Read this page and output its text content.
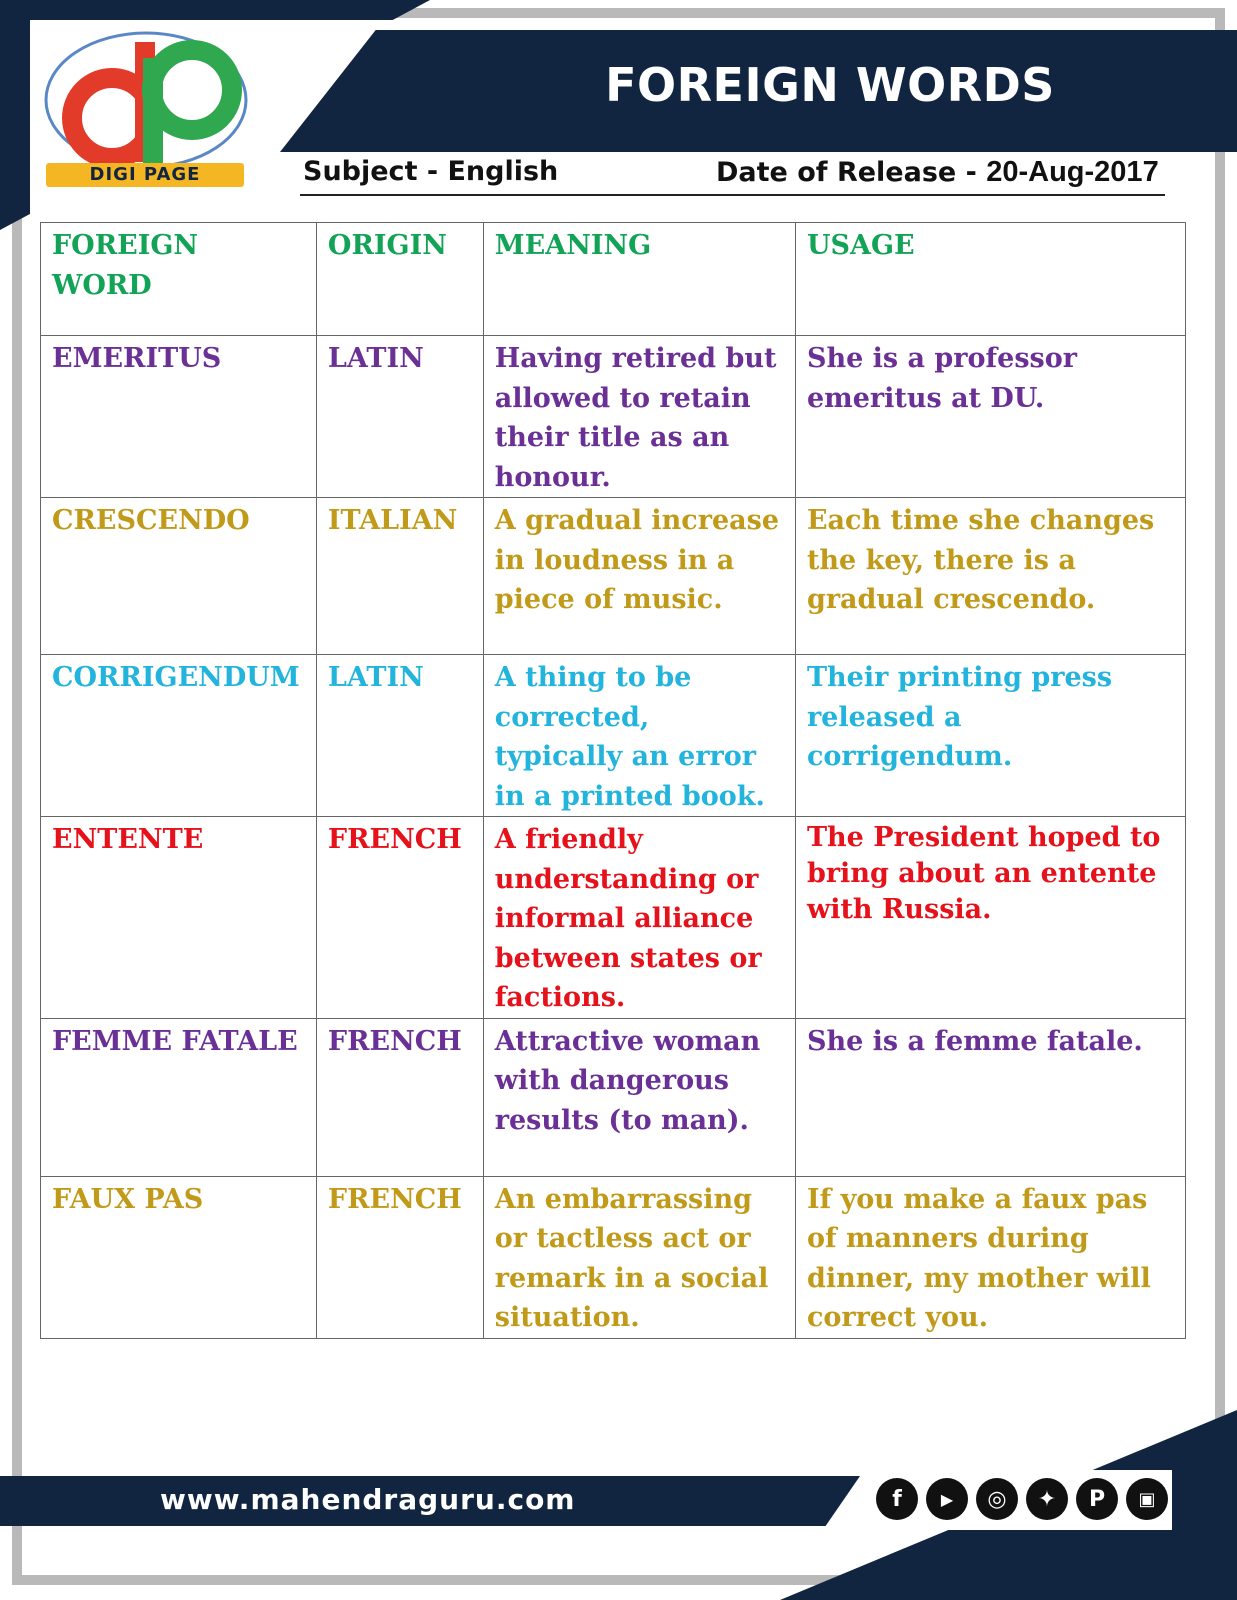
FOREIGN WORDS
DIGI PAGE	Subject - English	Date of Release - 20-Aug-2017
FOREIGN WORD	ORIGIN	MEANING	USAGE
EMERITUS	LATIN	Having retired but allowed to retain their title as an honour.	She is a professor emeritus at DU.
CRESCENDO	ITALIAN	A gradual increase in loudness in a piece of music.	Each time she changes the key, there is a gradual crescendo.
CORRIGENDUM	LATIN	A thing to be corrected, typically an error in a printed book.	Their printing press released a corrigendum.
ENTENTE	FRENCH	A friendly understanding or informal alliance between states or factions.	The President hoped to bring about an entente with Russia.
FEMME FATALE	FRENCH	Attractive woman with dangerous results (to man).	She is a femme fatale.
FAUX PAS	FRENCH	An embarrassing or tactless act or remark in a social situation.	If you make a faux pas of manners during dinner, my mother will correct you.
www.mahendraguru.com	f	▶	◎	✦	P	▣
